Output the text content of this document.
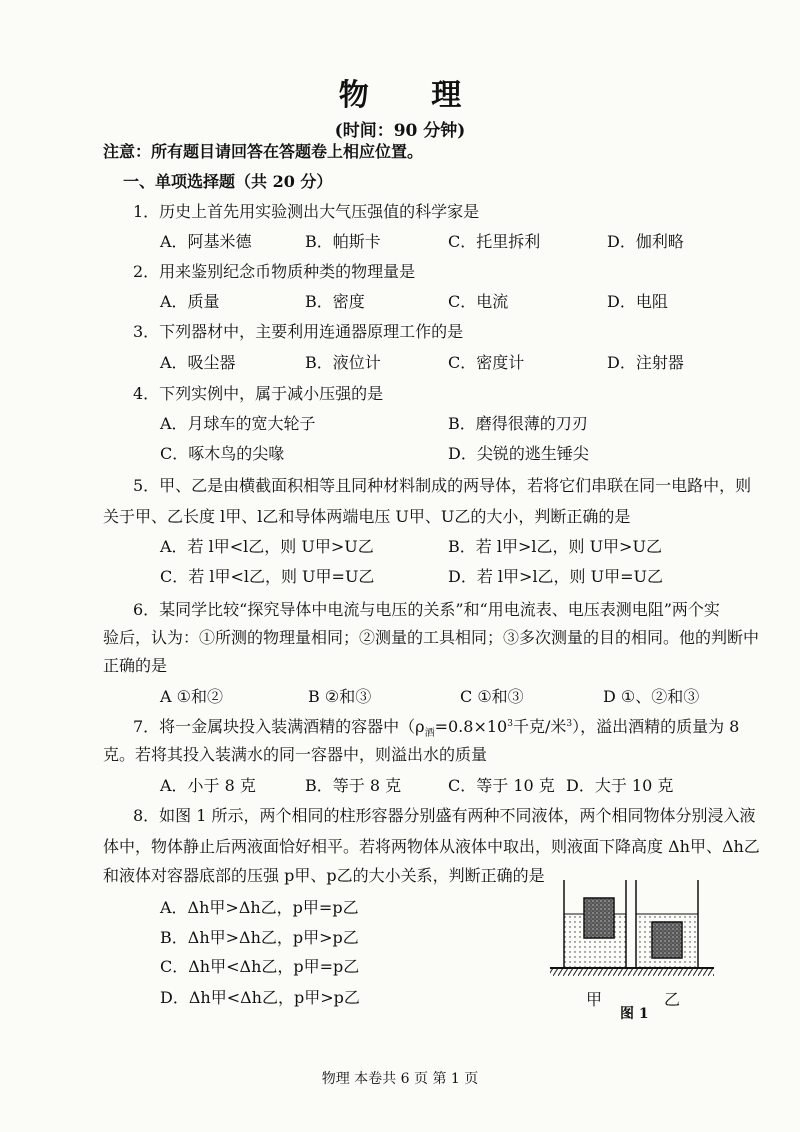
物 理
(时间：90 分钟)
注意：所有题目请回答在答题卷上相应位置。
一、单项选择题（共 20 分）
1．历史上首先用实验测出大气压强值的科学家是
A．阿基米德	B．帕斯卡	C．托里拆利	D．伽利略
2．用来鉴别纪念币物质种类的物理量是
A．质量	B．密度	C．电流	D．电阻
3．下列器材中，主要利用连通器原理工作的是
A．吸尘器	B．液位计	C．密度计	D．注射器
4．下列实例中，属于减小压强的是
A．月球车的宽大轮子	B．磨得很薄的刀刃
C．啄木鸟的尖喙	D．尖锐的逃生锤尖
5．甲、乙是由横截面积相等且同种材料制成的两导体，若将它们串联在同一电路中，则
关于甲、乙长度 l甲、l乙和导体两端电压 U甲、U乙的大小，判断正确的是
A．若 l甲<l乙，则 U甲>U乙	B．若 l甲>l乙，则 U甲>U乙
C．若 l甲<l乙，则 U甲=U乙	D．若 l甲>l乙，则 U甲=U乙
6．某同学比较“探究导体中电流与电压的关系”和“用电流表、电压表测电阻”两个实
验后，认为：①所测的物理量相同；②测量的工具相同；③多次测量的目的相同。他的判断中
正确的是
A ①和②	B ②和③	C ①和③	D ①、②和③
7．将一金属块投入装满酒精的容器中（$\rho_酒=0.8\times 10^3$千克/米$^3$），溢出酒精的质量为 8
克。若将其投入装满水的同一容器中，则溢出水的质量
A．小于 8 克	B．等于 8 克	C．等于 10 克 D．大于 10 克
8．如图 1 所示，两个相同的柱形容器分别盛有两种不同液体，两个相同物体分别浸入液
体中，物体静止后两液面恰好相平。若将两物体从液体中取出，则液面下降高度 Δh甲、Δh乙
和液体对容器底部的压强 p甲、p乙的大小关系，判断正确的是
A．Δh甲>Δh乙，p甲=p乙
B．Δh甲>Δh乙，p甲>p乙
C．Δh甲<Δh乙，p甲=p乙
D．Δh甲<Δh乙，p甲>p乙	甲	乙
图 1
物理 本卷共 6 页 第 1 页
